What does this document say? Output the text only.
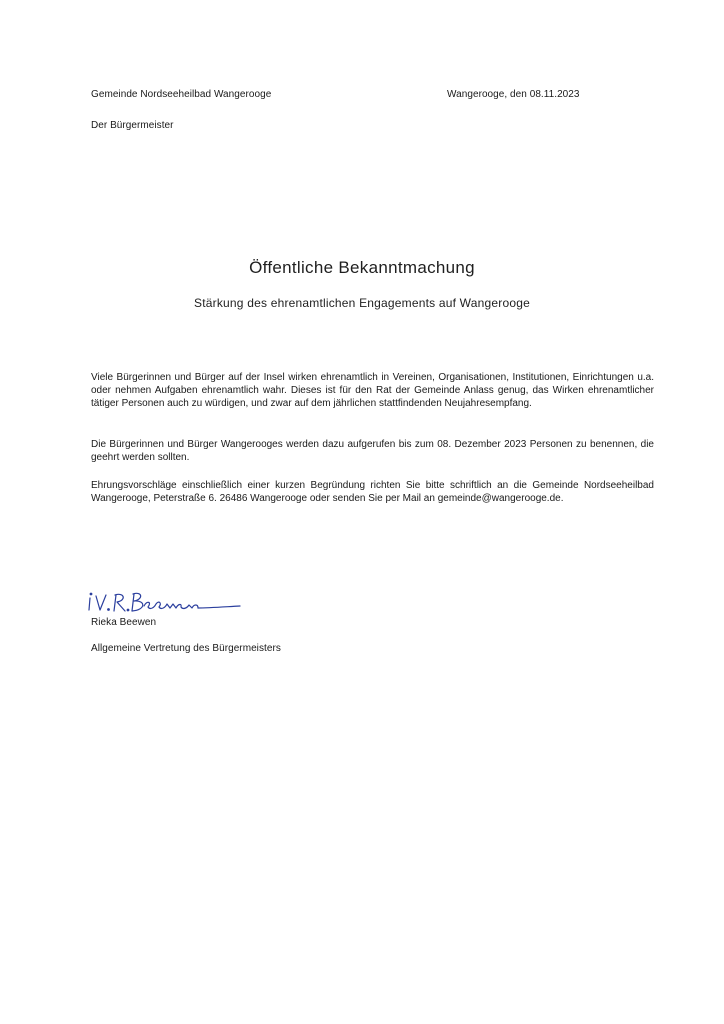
Gemeinde Nordseeheilbad Wangerooge
Der Bürgermeister
Wangerooge, den 08.11.2023
Öffentliche Bekanntmachung
Stärkung des ehrenamtlichen Engagements auf Wangerooge

Viele Bürgerinnen und Bürger auf der Insel wirken ehrenamtlich in Vereinen, Organisationen, Institutionen, Einrichtungen u.a. oder nehmen Aufgaben ehrenamtlich wahr. Dieses ist für den Rat der Gemeinde Anlass genug, das Wirken ehrenamtlicher tätiger Personen auch zu würdigen, und zwar auf dem jährlichen stattfindenden Neujahresempfang.

Die Bürgerinnen und Bürger Wangerooges werden dazu aufgerufen bis zum 08. Dezember 2023 Personen zu benennen, die geehrt werden sollten.

Ehrungsvorschläge einschließlich einer kurzen Begründung richten Sie bitte schriftlich an die Gemeinde Nordseeheilbad Wangerooge, Peterstraße 6. 26486 Wangerooge oder senden Sie per Mail an gemeinde@wangerooge.de.

Rieka Beewen
Allgemeine Vertretung des Bürgermeisters
